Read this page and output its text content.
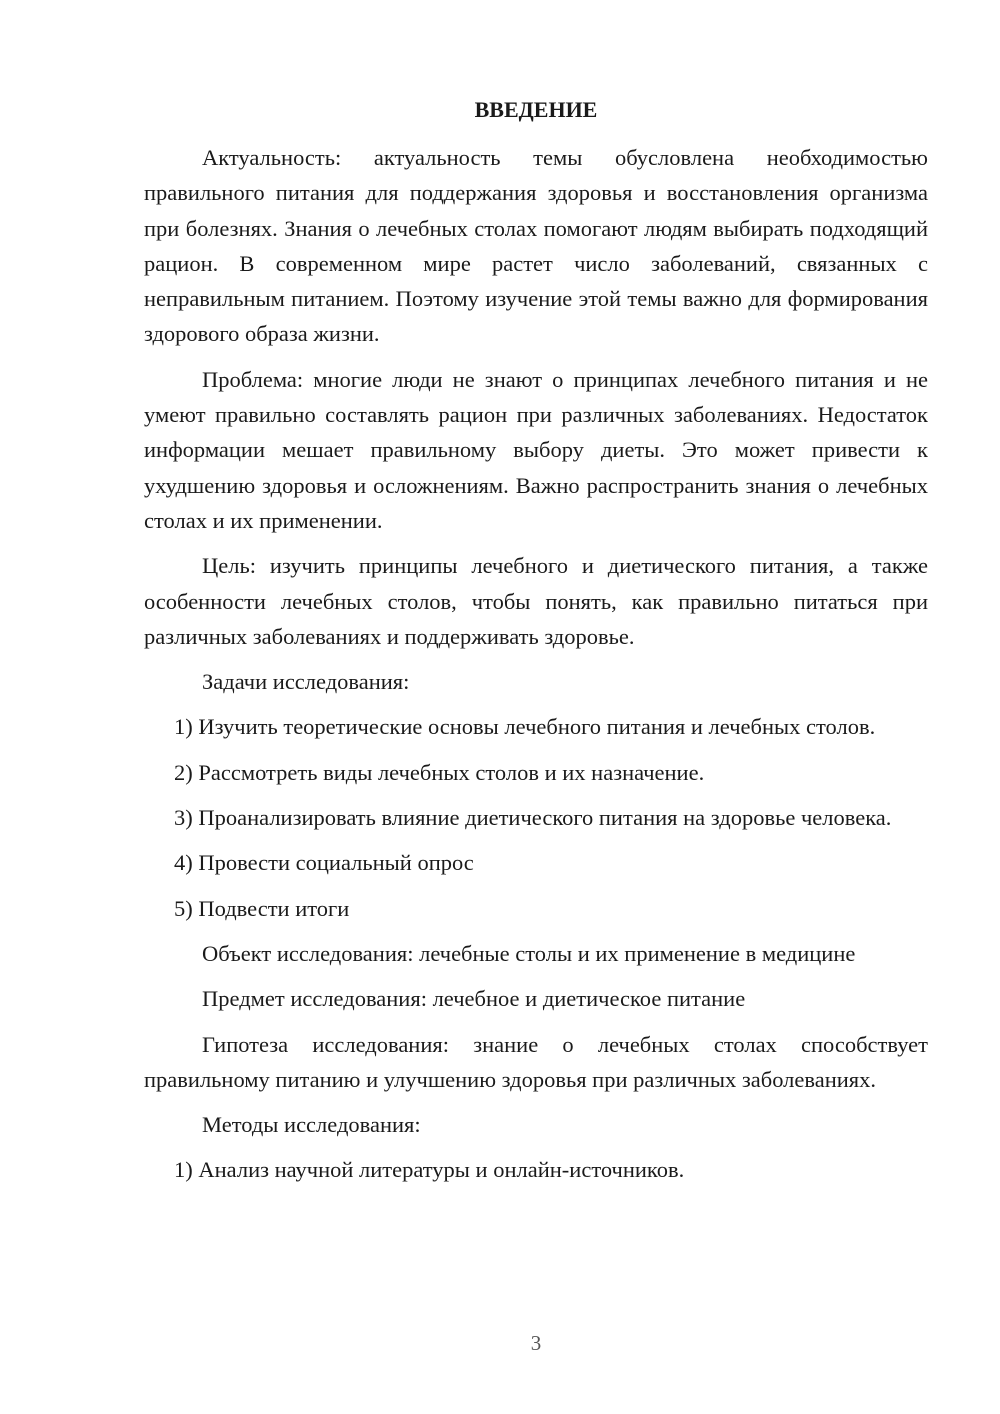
ВВЕДЕНИЕ

Актуальность: актуальность темы обусловлена необходимостью правильного питания для поддержания здоровья и восстановления организма при болезнях. Знания о лечебных столах помогают людям выбирать подходящий рацион. В современном мире растет число заболеваний, связанных с неправильным питанием. Поэтому изучение этой темы важно для формирования здорового образа жизни.

Проблема: многие люди не знают о принципах лечебного питания и не умеют правильно составлять рацион при различных заболеваниях. Недостаток информации мешает правильному выбору диеты. Это может привести к ухудшению здоровья и осложнениям. Важно распространить знания о лечебных столах и их применении.

Цель: изучить принципы лечебного и диетического питания, а также особенности лечебных столов, чтобы понять, как правильно питаться при различных заболеваниях и поддерживать здоровье.

Задачи исследования:

1) Изучить теоретические основы лечебного питания и лечебных столов.

2) Рассмотреть виды лечебных столов и их назначение.

3) Проанализировать влияние диетического питания на здоровье человека.

4) Провести социальный опрос

5) Подвести итоги

Объект исследования: лечебные столы и их применение в медицине

Предмет исследования: лечебное и диетическое питание

Гипотеза исследования: знание о лечебных столах способствует правильному питанию и улучшению здоровья при различных заболеваниях.

Методы исследования:

1) Анализ научной литературы и онлайн-источников.

3
